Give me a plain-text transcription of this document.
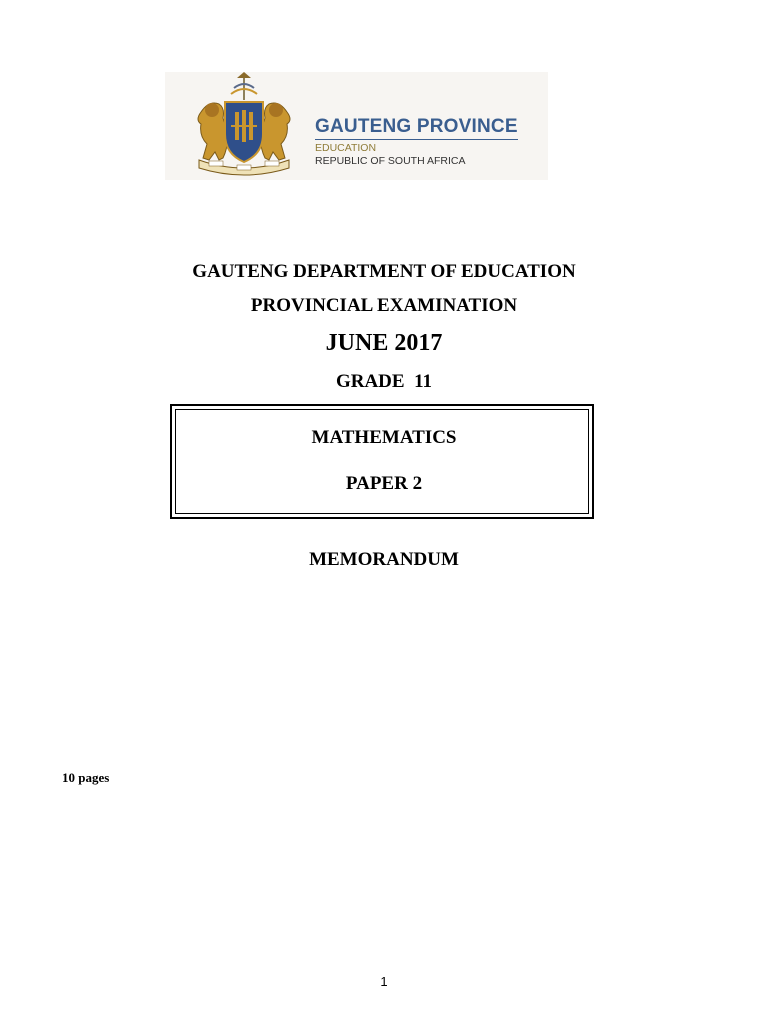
GAUTENG PROVINCE
EDUCATION
REPUBLIC OF SOUTH AFRICA
GAUTENG DEPARTMENT OF EDUCATION
PROVINCIAL EXAMINATION
JUNE 2017
GRADE  11
MATHEMATICS
PAPER 2
MEMORANDUM
10 pages
1
